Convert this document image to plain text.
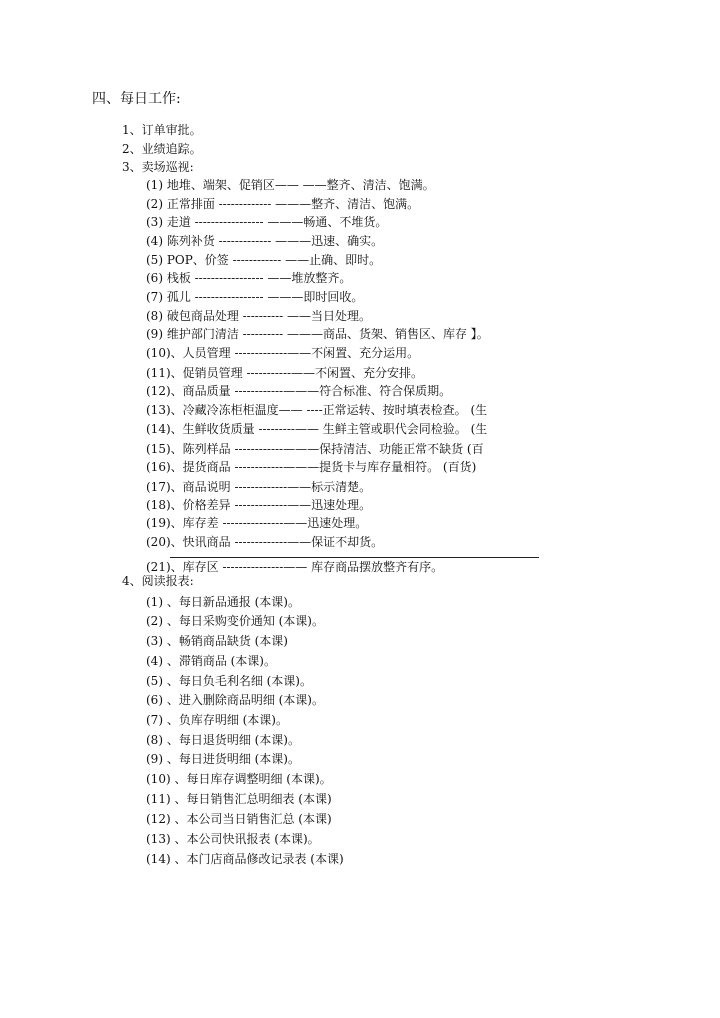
四、每日工作:
1、订单审批。
2、业绩追踪。
3、卖场巡视:
(1) 地堆、端架、促销区—— ——整齐、清洁、饱满。
(2) 正常排面 ------------- ———整齐、清洁、饱满。
(3) 走道 ----------------- ———畅通、不堆货。
(4) 陈列补货 ------------- ———迅速、确实。
(5) POP、价签 ------------ ——止确、即时。
(6) 栈板 ----------------- ——堆放整齐。
(7) 孤儿 ----------------- ———即时回收。
(8) 破包商品处理 ---------- ——当日处理。
(9) 维护部门清洁 ---------- ———商品、货架、销售区、库存 】。
(10)、人员管理 -------------——不闲置、充分运用。
(11)、促销员管理 -----------——不闲置、充分安排。
(12)、商品质量 ------------———符合标准、符合保质期。
(13)、冷藏冷冻柜柜温度—— ----正常运转、按时填表检查。 (生
(14)、生鲜收货质量 ---------—— 生鲜主管或职代会同检验。 (生
(15)、陈列样品 ------------———保持清洁、功能正常不缺货 (百
(16)、提货商品 ------------———提货卡与库存量相符。 (百货)
(17)、商品说明 -------------——标示清楚。
(18)、价格差异 -------------——迅速处理。
(19)、库存差 ---------------——迅速处理。
(20)、快讯商品 -------------——保证不却货。
(21)、库存区 ---------------—— 库存商品摆放整齐有序。
4、阅读报表:
(1) 、每日新品通报 (本课)。
(2) 、每日采购变价通知 (本课)。
(3) 、畅销商品缺货 (本课)
(4) 、滞销商品 (本课)。
(5) 、每日负毛利名细 (本课)。
(6) 、进入删除商品明细 (本课)。
(7) 、负库存明细 (本课)。
(8) 、每日退货明细 (本课)。
(9) 、每日进货明细 (本课)。
(10) 、每日库存调整明细 (本课)。
(11) 、每日销售汇总明细表 (本课)
(12) 、本公司当日销售汇总 (本课)
(13) 、本公司快讯报表 (本课)。
(14) 、本门店商品修改记录表 (本课)
